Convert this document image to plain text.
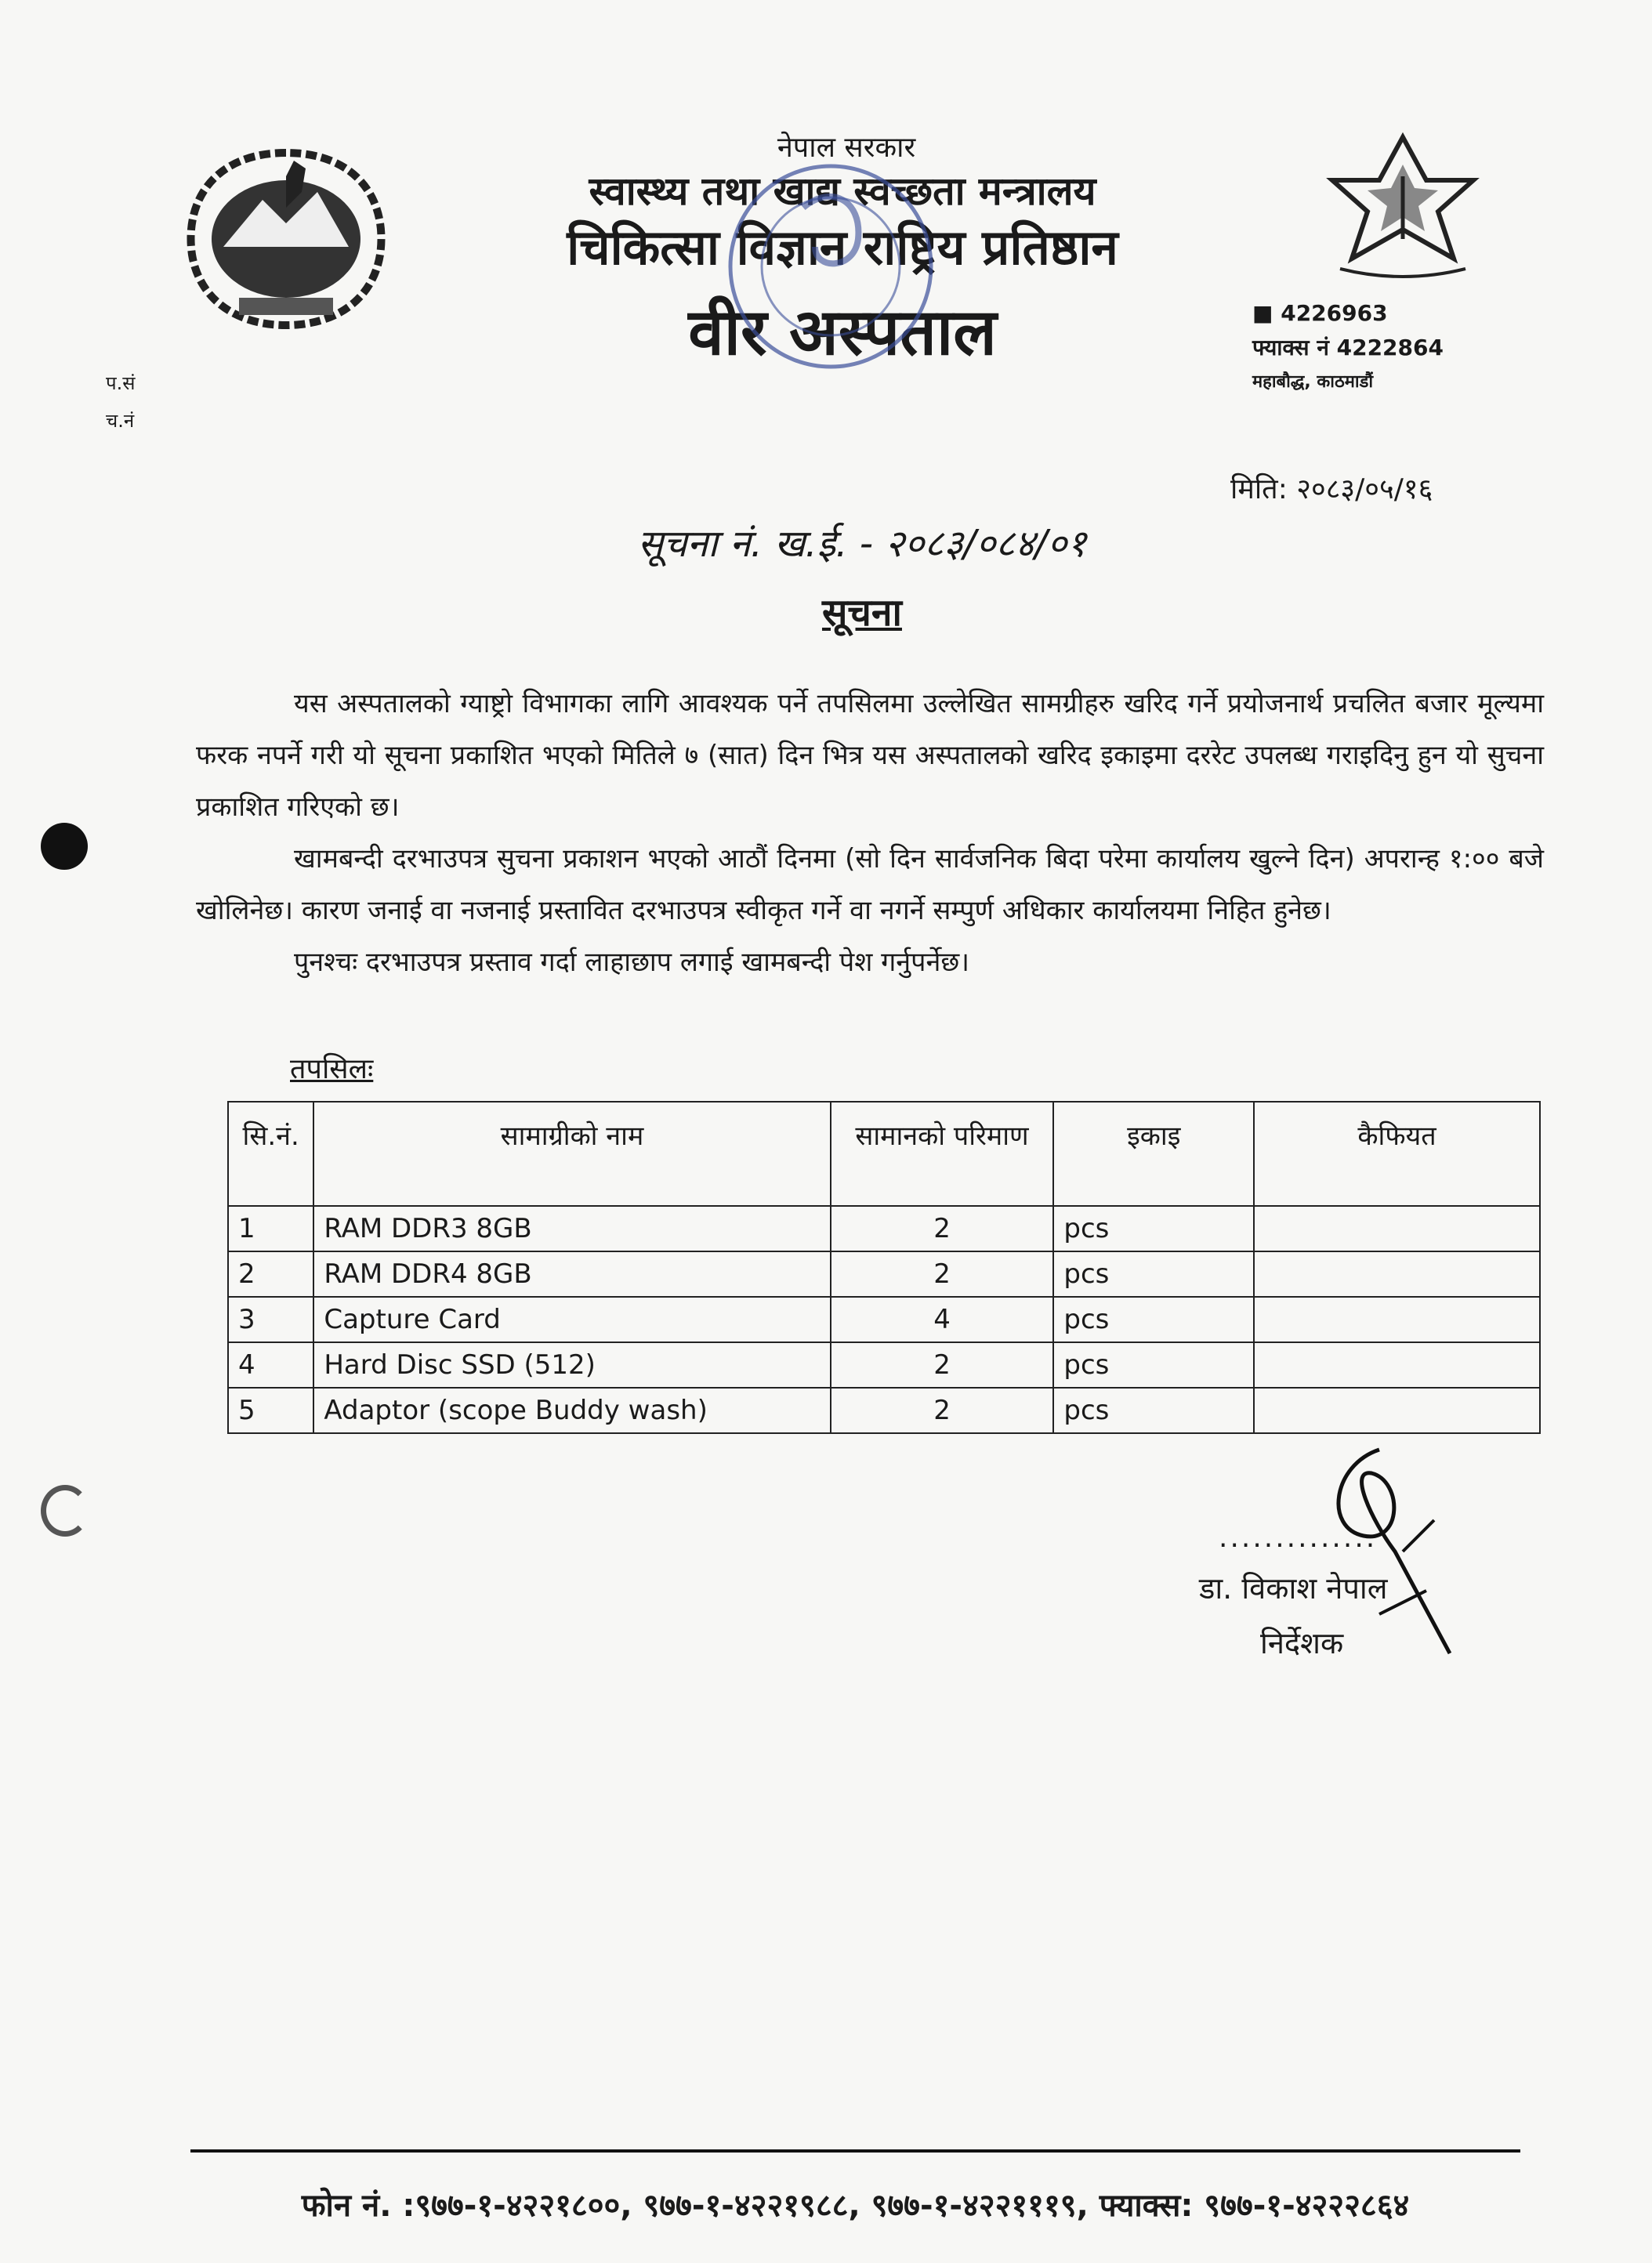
नेपाल सरकार
स्वास्थ्य तथा खाद्य स्वच्छता मन्त्रालय
चिकित्सा विज्ञान राष्ट्रिय प्रतिष्ठान
वीर अस्पताल	■ 4226963
फ्याक्स नं 4222864
महाबौद्ध, काठमाडौं
प.सं
च.नं
मिति: २०८३/०५/१६
सूचना नं. ख.ई. - २०८३/०८४/०१
सूचना

यस अस्पतालको ग्याष्ट्रो विभागका लागि आवश्यक पर्ने तपसिलमा उल्लेखित सामग्रीहरु खरिद गर्ने प्रयोजनार्थ प्रचलित बजार मूल्यमा फरक नपर्ने गरी यो सूचना प्रकाशित भएको मितिले ७ (सात) दिन भित्र यस अस्पतालको खरिद इकाइमा दररेट उपलब्ध गराइदिनु हुन यो सुचना प्रकाशित गरिएको छ।

खामबन्दी दरभाउपत्र सुचना प्रकाशन भएको आठौं दिनमा (सो दिन सार्वजनिक बिदा परेमा कार्यालय खुल्ने दिन) अपरान्ह १:०० बजे खोलिनेछ। कारण जनाई वा नजनाई प्रस्तावित दरभाउपत्र स्वीकृत गर्ने वा नगर्ने सम्पुर्ण अधिकार कार्यालयमा निहित हुनेछ।

पुनश्चः दरभाउपत्र प्रस्ताव गर्दा लाहाछाप लगाई खामबन्दी पेश गर्नुपर्नेछ।

तपसिलः
सि.नं.	सामाग्रीको नाम	सामानको परिमाण	इकाइ	कैफियत
1	RAM DDR3 8GB	2	pcs	
2	RAM DDR4 8GB	2	pcs	
3	Capture Card	4	pcs	
4	Hard Disc SSD (512)	2	pcs	
5	Adaptor (scope Buddy wash)	2	pcs	
..............
डा. विकाश नेपाल
निर्देशक
फोन नं. :९७७-१-४२२१८००, ९७७-१-४२२१९८८, ९७७-१-४२२१११९, फ्याक्स: ९७७-१-४२२२८६४
